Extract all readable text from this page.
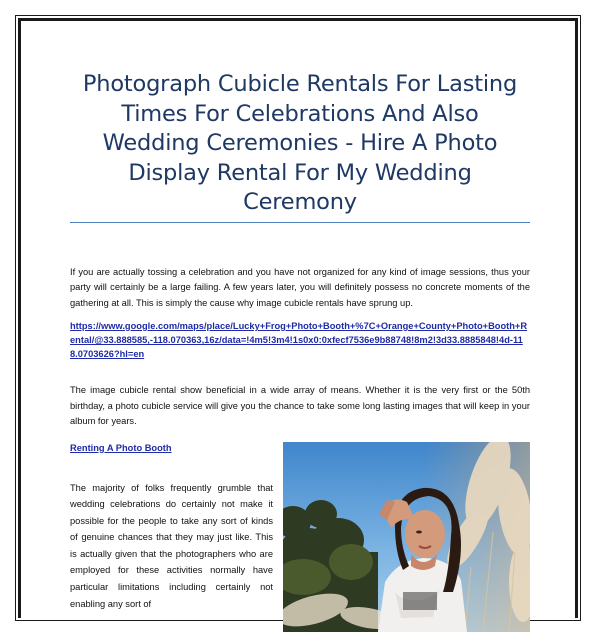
Photograph Cubicle Rentals For Lasting Times For Celebrations And Also Wedding Ceremonies - Hire A Photo Display Rental For My Wedding Ceremony

If you are actually tossing a celebration and you have not organized for any kind of image sessions, thus your party will certainly be a large failing. A few years later, you will definitely possess no concrete moments of the gathering at all. This is simply the cause why image cubicle rentals have sprung up.

https://www.google.com/maps/place/Lucky+Frog+Photo+Booth+%7C+Orange+County+Photo+Booth+Rental/@33.888585,-118.070363,16z/data=!4m5!3m4!1s0x0:0xfecf7536e9b88748!8m2!3d33.8885848!4d-118.0703626?hl=en

The image cubicle rental show beneficial in a wide array of means. Whether it is the very first or the 50th birthday, a photo cubicle service will give you the chance to take some long lasting images that will keep in your album for years.

Renting A Photo Booth

The majority of folks frequently grumble that wedding celebrations do certainly not make it possible for the people to take any sort of kinds of genuine chances that they may just like. This is actually given that the photographers who are employed for these activities normally have particular limitations including certainly not enabling any sort of
